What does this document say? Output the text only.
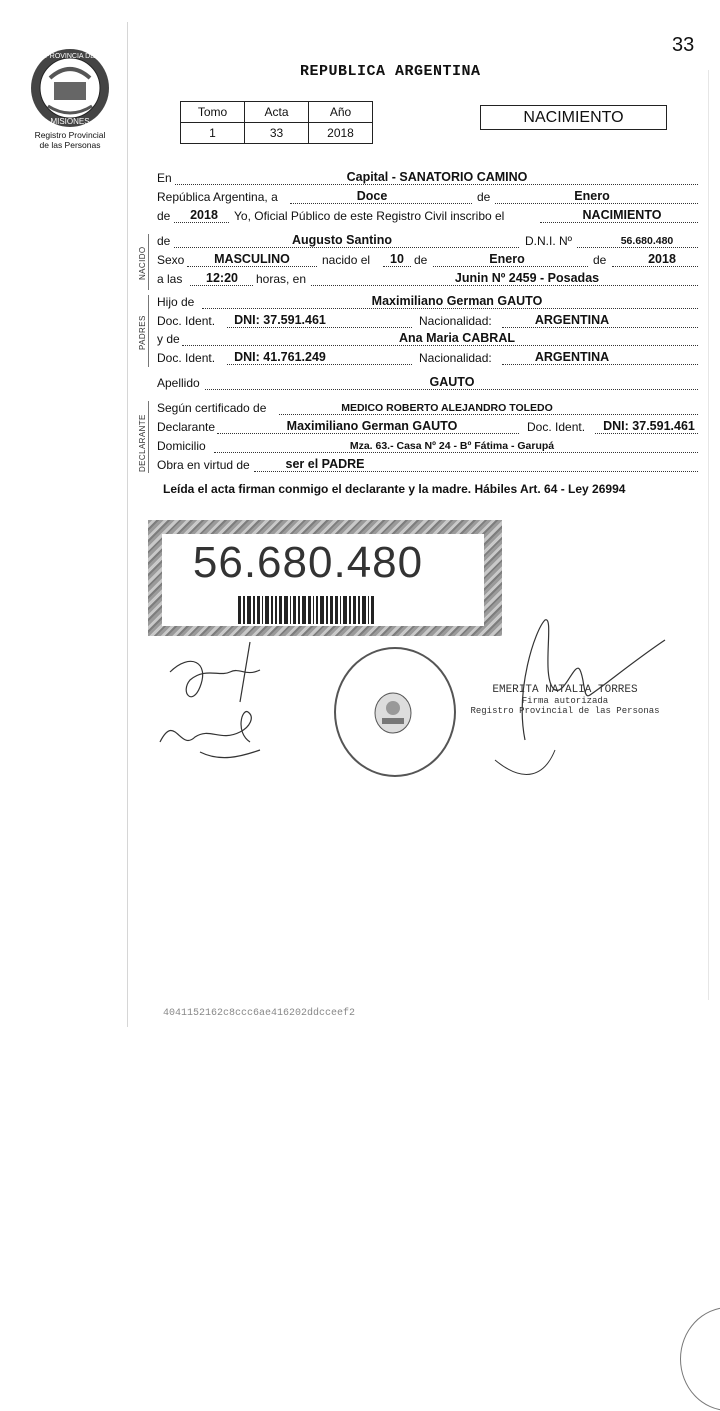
PROVINCIA DE
MISIONES
Registro Provincial
de las Personas
33
REPUBLICA ARGENTINA
Tomo	Acta	Año
1	33	2018
NACIMIENTO
En	Capital - SANATORIO CAMINO
República Argentina, a	Doce	de	Enero
de	2018	Yo, Oficial Público de este Registro Civil inscribo el	NACIMIENTO
de	Augusto Santino	D.N.I. Nº	56.680.480
Sexo	MASCULINO	nacido el	10 de	Enero	de	2018
a las	12:20	horas, en	Junin Nº 2459 - Posadas
Hijo de	Maximiliano German GAUTO
Doc. Ident.	DNI: 37.591.461	Nacionalidad:	ARGENTINA
y de	Ana Maria CABRAL
Doc. Ident.	DNI: 41.761.249	Nacionalidad:	ARGENTINA
Apellido	GAUTO
Según certificado de	MEDICO ROBERTO ALEJANDRO TOLEDO
Declarante	Maximiliano German GAUTO	Doc. Ident.	DNI: 37.591.461
Domicilio	Mza. 63.- Casa Nº 24 - Bº Fátima - Garupá
Obra en virtud de	ser el PADRE
NACIDO
PADRES
DECLARANTE
Leída el acta firman conmigo el declarante y la madre. Hábiles Art. 64 - Ley 26994
56.680.480
EMERITA NATALIA TORRES
Firma autorizada
Registro Provincial de las Personas
4041152162c8ccc6ae416202ddcceef2
